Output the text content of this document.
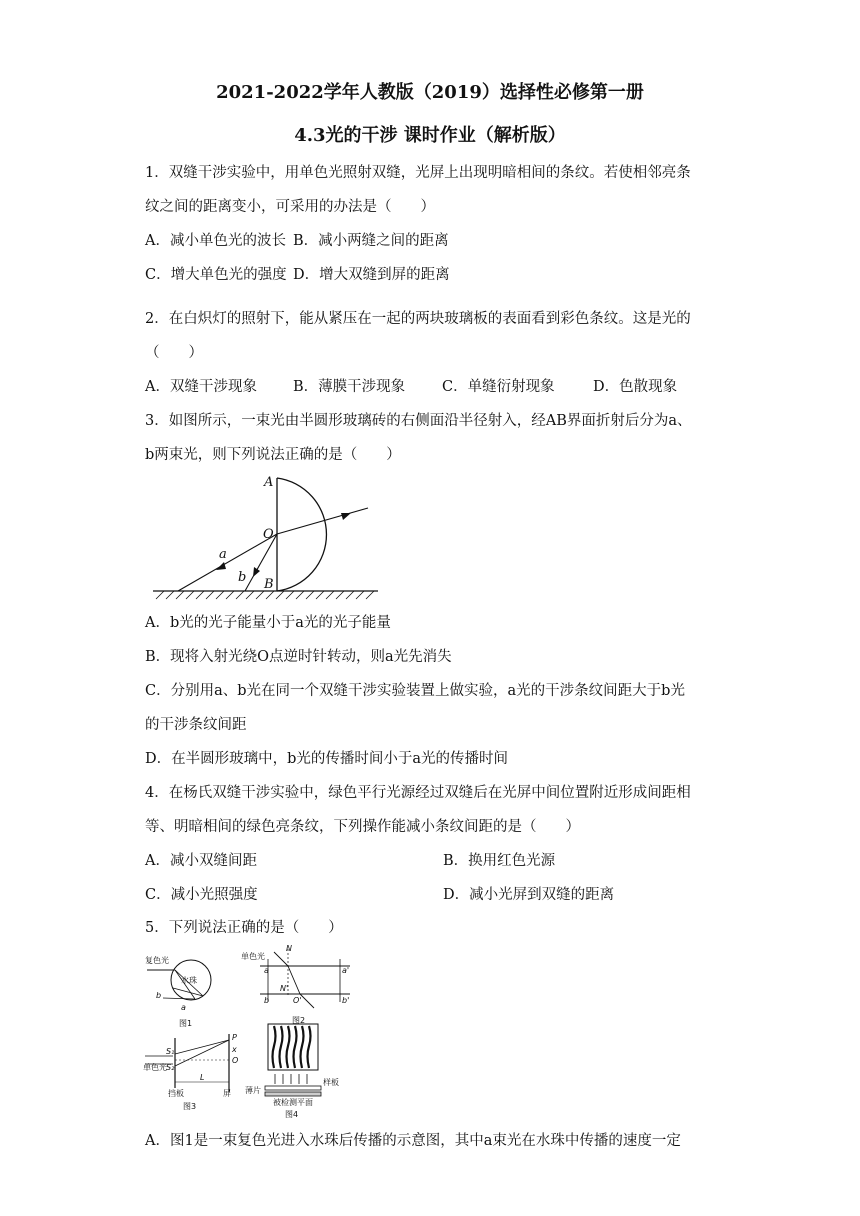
2021-2022学年人教版（2019）选择性必修第一册
4.3光的干涉 课时作业（解析版）
1．双缝干涉实验中，用单色光照射双缝，光屏上出现明暗相间的条纹。若使相邻亮条
纹之间的距离变小，可采用的办法是（　　）
A．减小单色光的波长 B．减小两缝之间的距离
C．增大单色光的强度 D．增大双缝到屏的距离
2．在白炽灯的照射下，能从紧压在一起的两块玻璃板的表面看到彩色条纹。这是光的
（　　）
A．双缝干涉现象 B．薄膜干涉现象	C．单缝衍射现象	D．色散现象
3．如图所示，一束光由半圆形玻璃砖的右侧面沿半径射入，经AB界面折射后分为a、
b两束光，则下列说法正确的是（　　）
A
O
B
a
b
A．b光的光子能量小于a光的光子能量
B．现将入射光绕O点逆时针转动，则a光先消失
C．分别用a、b光在同一个双缝干涉实验装置上做实验，a光的干涉条纹间距大于b光
的干涉条纹间距
D．在半圆形玻璃中，b光的传播时间小于a光的传播时间
4．在杨氏双缝干涉实验中，绿色平行光源经过双缝后在光屏中间位置附近形成间距相
等、明暗相间的绿色亮条纹，下列操作能减小条纹间距的是（　　）
A．减小双缝间距	B．换用红色光源
C．减小光照强度	D．减小光屏到双缝的距离
5．下列说法正确的是（　　）
复色光
水珠
a
b
图1
单色光
N
a	a'
N'
b	O'	b'
图2
S₁
S₂
P
x
O
L
单色光
挡板	屏
图3
薄片
样板
被检测平面
图4
A．图1是一束复色光进入水珠后传播的示意图，其中a束光在水珠中传播的速度一定
